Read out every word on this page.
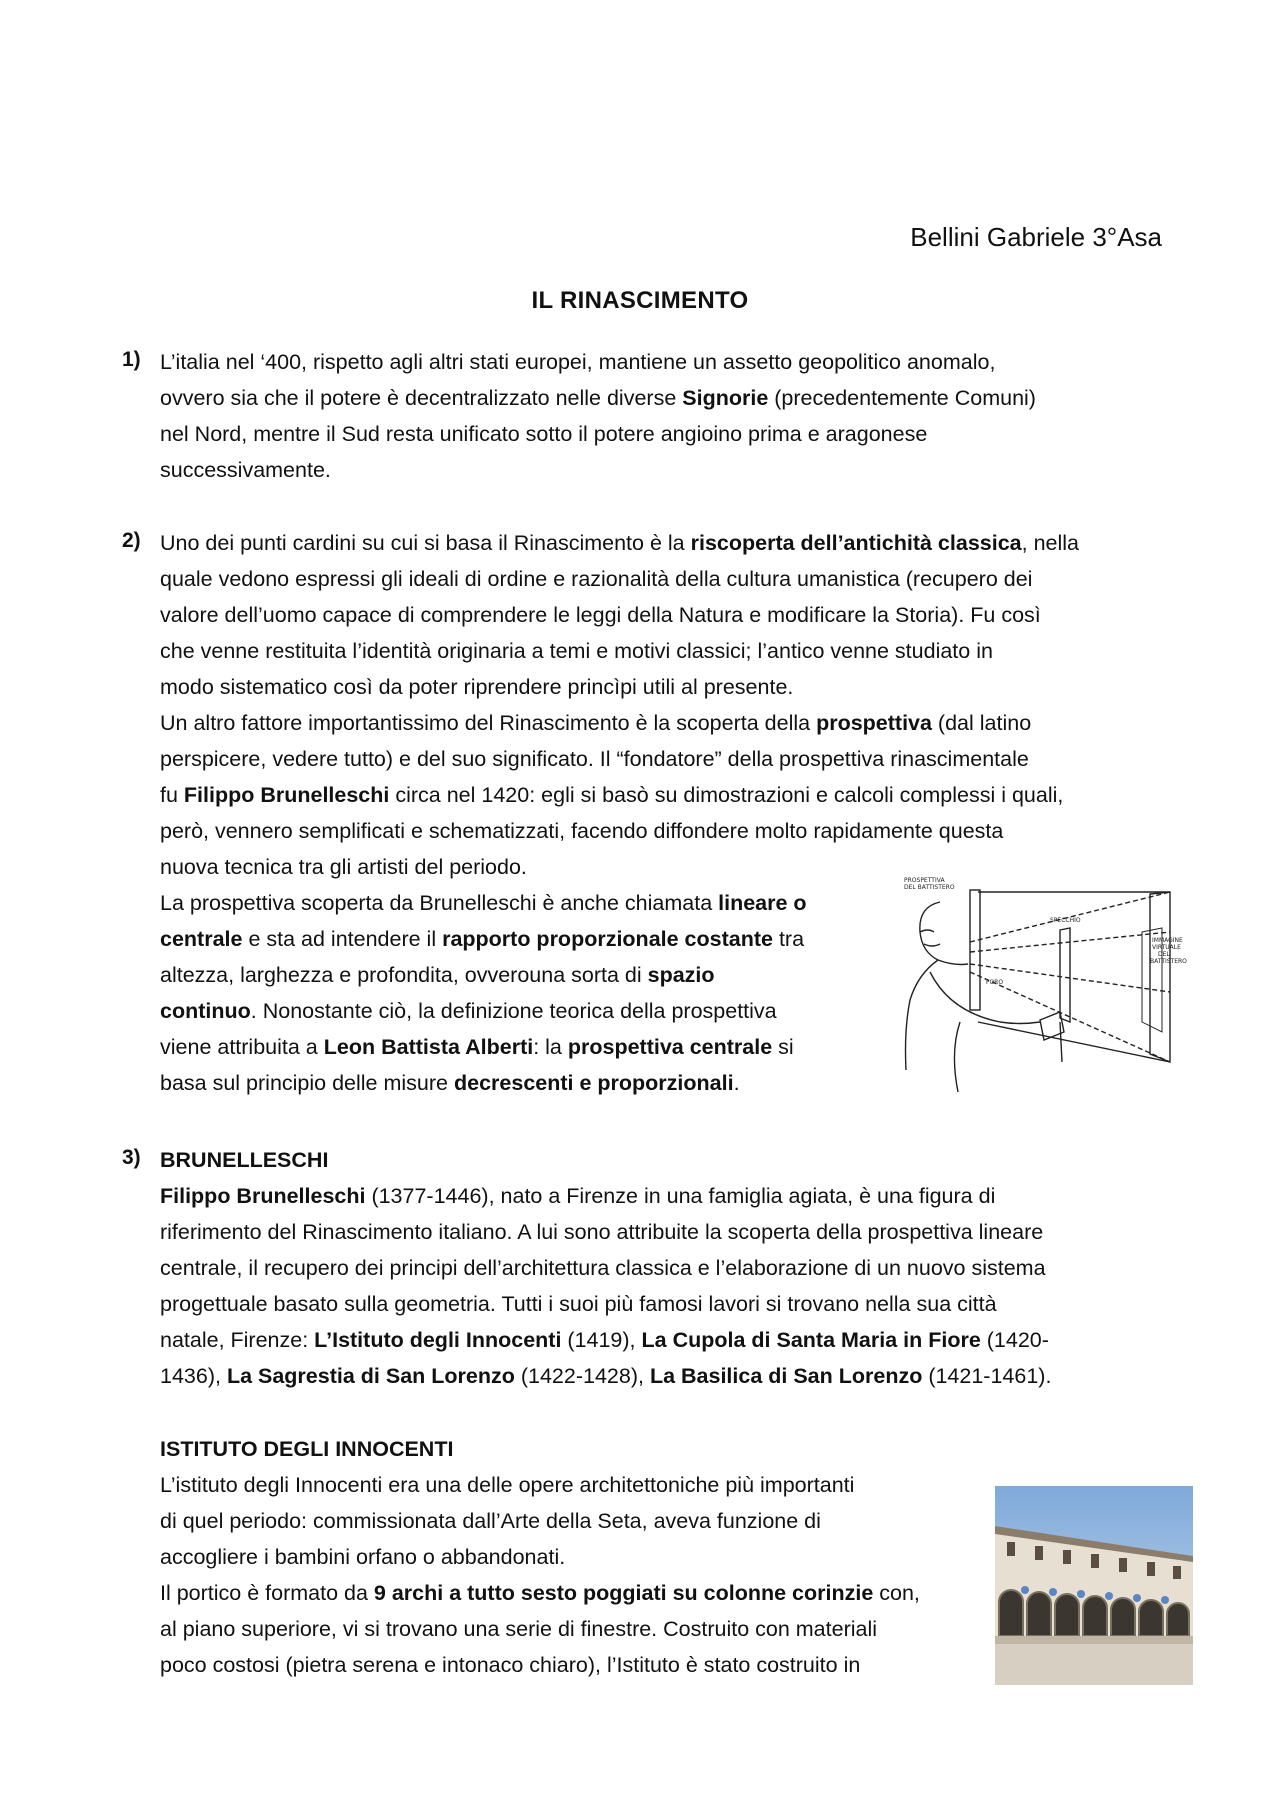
Bellini Gabriele 3°Asa
IL RINASCIMENTO
1) L’italia nel ‘400, rispetto agli altri stati europei, mantiene un assetto geopolitico anomalo,

ovvero sia che il potere è decentralizzato nelle diverse Signorie (precedentemente Comuni)

nel Nord, mentre il Sud resta unificato sotto il potere angioino prima e aragonese

successivamente.

2) Uno dei punti cardini su cui si basa il Rinascimento è la riscoperta dell’antichità classica, nella

quale vedono espressi gli ideali di ordine e razionalità della cultura umanistica (recupero dei

valore dell’uomo capace di comprendere le leggi della Natura e modificare la Storia). Fu così

che venne restituita l’identità originaria a temi e motivi classici; l’antico venne studiato in

modo sistematico così da poter riprendere princìpi utili al presente.

Un altro fattore importantissimo del Rinascimento è la scoperta della prospettiva (dal latino

perspicere, vedere tutto) e del suo significato. Il “fondatore” della prospettiva rinascimentale

fu Filippo Brunelleschi circa nel 1420: egli si basò su dimostrazioni e calcoli complessi i quali,

però, vennero semplificati e schematizzati, facendo diffondere molto rapidamente questa

nuova tecnica tra gli artisti del periodo.

La prospettiva scoperta da Brunelleschi è anche chiamata lineare o

centrale e sta ad intendere il rapporto proporzionale costante tra

altezza, larghezza e profondita, ovverouna sorta di spazio

continuo. Nonostante ciò, la definizione teorica della prospettiva

viene attribuita a Leon Battista Alberti: la prospettiva centrale si

basa sul principio delle misure decrescenti e proporzionali.

PROSPETTIVA
DEL BATTISTERO
SPECCHIO
FORO
IMMAGINE
VIRTUALE
DEL
BATTISTERO
3) BRUNELLESCHI

Filippo Brunelleschi (1377-1446), nato a Firenze in una famiglia agiata, è una figura di

riferimento del Rinascimento italiano. A lui sono attribuite la scoperta della prospettiva lineare

centrale, il recupero dei principi dell’architettura classica e l’elaborazione di un nuovo sistema

progettuale basato sulla geometria. Tutti i suoi più famosi lavori si trovano nella sua città

natale, Firenze: L’Istituto degli Innocenti (1419), La Cupola di Santa Maria in Fiore (1420-

1436), La Sagrestia di San Lorenzo (1422-1428), La Basilica di San Lorenzo (1421-1461).

ISTITUTO DEGLI INNOCENTI

L’istituto degli Innocenti era una delle opere architettoniche più importanti

di quel periodo: commissionata dall’Arte della Seta, aveva funzione di

accogliere i bambini orfano o abbandonati.

Il portico è formato da 9 archi a tutto sesto poggiati su colonne corinzie con,

al piano superiore, vi si trovano una serie di finestre. Costruito con materiali

poco costosi (pietra serena e intonaco chiaro), l’Istituto è stato costruito in
